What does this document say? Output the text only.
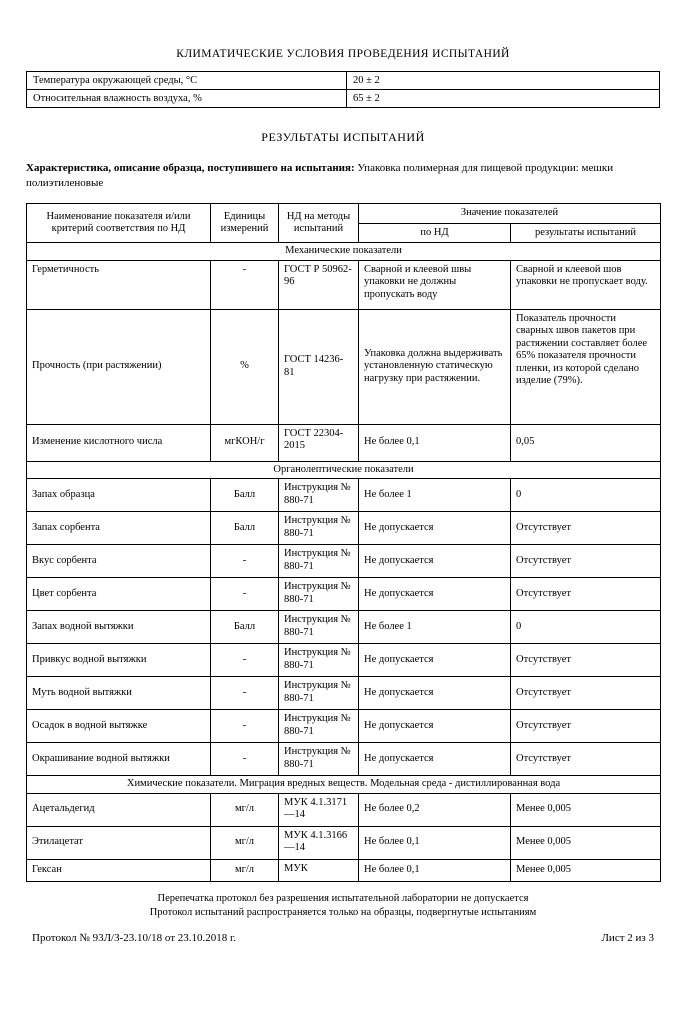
КЛИМАТИЧЕСКИЕ УСЛОВИЯ ПРОВЕДЕНИЯ ИСПЫТАНИЙ
Температура окружающей среды, °C	20 ± 2
Относительная влажность воздуха, %	65 ± 2
РЕЗУЛЬТАТЫ ИСПЫТАНИЙ
Характеристика, описание образца, поступившего на испытания: Упаковка полимерная для пищевой продукции: мешки полиэтиленовые
Наименование показателя и/или критерий соответствия по НД	Единицы измерений	НД на методы испытаний	Значение показателей	
			по НД	результаты испытаний
Механические показатели				
Герметичность	-	ГОСТ Р 50962-96	Сварной и клеевой швы упаковки не должны пропускать воду	Сварной и клеевой шов упаковки не пропускает воду.
Прочность (при растяжении)	%	ГОСТ 14236-81	Упаковка должна выдерживать установленную статическую нагрузку при растяжении.	Показатель прочности сварных швов пакетов при растяжении составляет более 65% показателя прочности пленки, из которой сделано изделие (79%).
Изменение кислотного числа	мгКОН/г	ГОСТ 22304-2015	Не более 0,1	0,05
Органолептические показатели				
Запах образца	Балл	Инструкция № 880-71	Не более 1	0
Запах сорбента	Балл	Инструкция № 880-71	Не допускается	Отсутствует
Вкус сорбента	-	Инструкция № 880-71	Не допускается	Отсутствует
Цвет сорбента	-	Инструкция № 880-71	Не допускается	Отсутствует
Запах водной вытяжки	Балл	Инструкция № 880-71	Не более 1	0
Привкус водной вытяжки	-	Инструкция № 880-71	Не допускается	Отсутствует
Муть водной вытяжки	-	Инструкция № 880-71	Не допускается	Отсутствует
Осадок в водной вытяжке	-	Инструкция № 880-71	Не допускается	Отсутствует
Окрашивание водной вытяжки	-	Инструкция № 880-71	Не допускается	Отсутствует
Химические показатели. Миграция вредных веществ. Модельная среда - дистиллированная вода				
Ацетальдегид	мг/л	МУК 4.1.3171—14	Не более 0,2	Менее 0,005
Этилацетат	мг/л	МУК 4.1.3166—14	Не более 0,1	Менее 0,005
Гексан	мг/л	МУК	Не более 0,1	Менее 0,005
Перепечатка протокол без разрешения испытательной лаборатории не допускается
Протокол испытаний распространяется только на образцы, подвергнутые испытаниям
Протокол № 93Л/З-23.10/18 от 23.10.2018 г.	Лист 2 из 3
